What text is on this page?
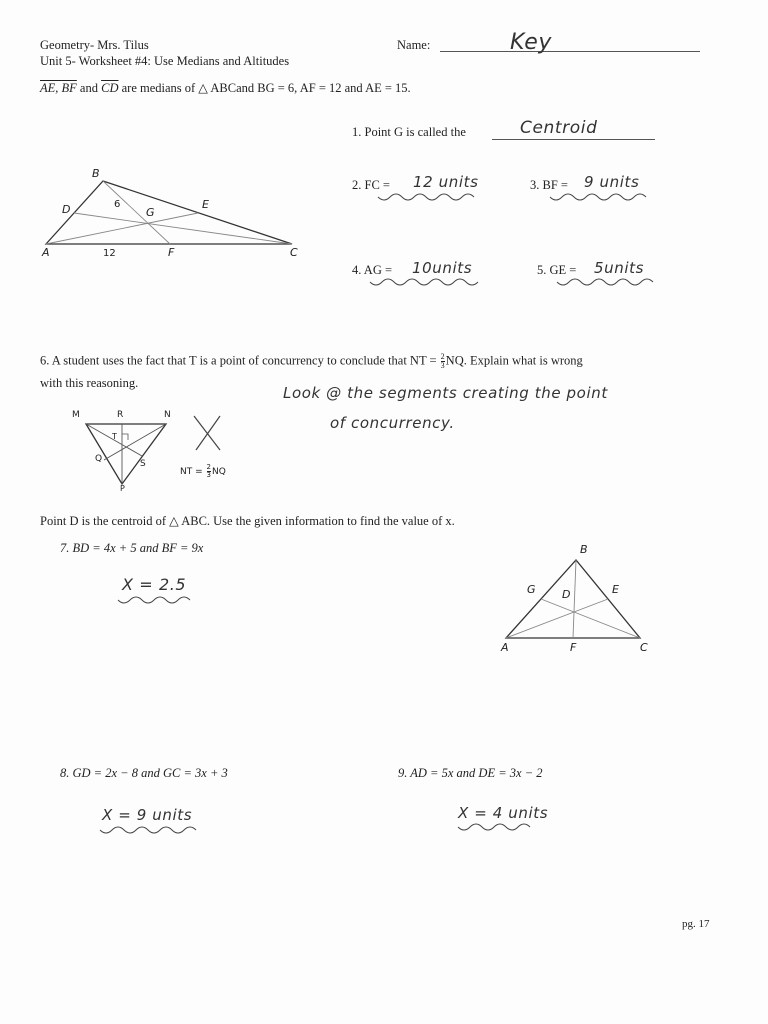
Geometry- Mrs. Tilus
Unit 5- Worksheet #4: Use Medians and Altitudes
Name:	Key
AE, BF and $\overline{CD}$ are medians of △ ABCand BG = 6, AF = 12 and AE = 15.
1. Point G is called the	Centroid
B
D	6
G
E
A	12	F	C
2. FC = 12 units	3. BF = 9 units
4. AG = 10units	5. GE = 5units
6. A student uses the fact that T is a point of concurrency to conclude that NT = $\frac{2}{3}$ NQ. Explain what is wrong
with this reasoning.
Look @ the segments creating the point
of concurrency.
M	R	N
T
Q	S
P
NT = $\frac{2}{3}$ NQ
Point D is the centroid of △ ABC. Use the given information to find the value of x.
7. BD = 4x + 5 and BF = 9x
X = 2.5
B
G D	E
A	F	C
8. GD = 2x − 8 and GC = 3x + 3
X = 9 units
9. AD = 5x and DE = 3x − 2
X = 4 units
pg. 17
